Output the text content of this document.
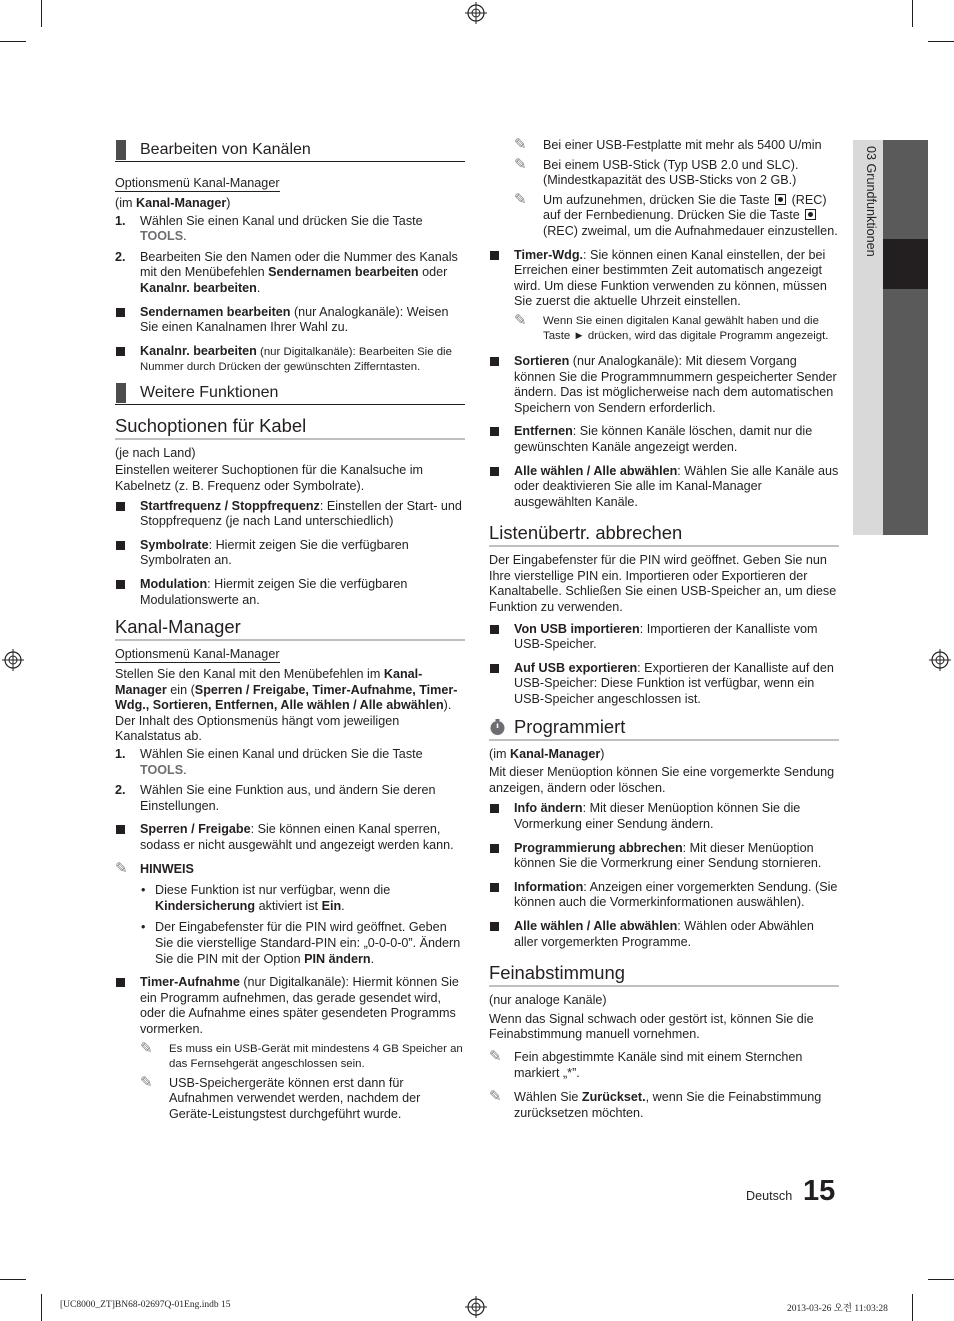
03 Grundfunktionen
Bearbeiten von Kanälen
Optionsmenü Kanal-Manager

(im Kanal-Manager)

1. Wählen Sie einen Kanal und drücken Sie die Taste TOOLS.
2. Bearbeiten Sie den Namen oder die Nummer des Kanals mit den Menübefehlen Sendernamen bearbeiten oder Kanalnr. bearbeiten.
Sendernamen bearbeiten (nur Analogkanäle): Weisen Sie einen Kanalnamen Ihrer Wahl zu.
Kanalnr. bearbeiten (nur Digitalkanäle): Bearbeiten Sie die Nummer durch Drücken der gewünschten Zifferntasten.
Weitere Funktionen
Suchoptionen für Kabel

(je nach Land)

Einstellen weiterer Suchoptionen für die Kanalsuche im Kabelnetz (z. B. Frequenz oder Symbolrate).

Startfrequenz / Stoppfrequenz: Einstellen der Start- und Stoppfrequenz (je nach Land unterschiedlich)
Symbolrate: Hiermit zeigen Sie die verfügbaren Symbolraten an.
Modulation: Hiermit zeigen Sie die verfügbaren Modulationswerte an.
Kanal-Manager
Optionsmenü Kanal-Manager

Stellen Sie den Kanal mit den Menübefehlen im Kanal-Manager ein (Sperren / Freigabe, Timer-Aufnahme, Timer-Wdg., Sortieren, Entfernen, Alle wählen / Alle abwählen). Der Inhalt des Optionsmenüs hängt vom jeweiligen Kanalstatus ab.

1. Wählen Sie einen Kanal und drücken Sie die Taste TOOLS.
2. Wählen Sie eine Funktion aus, und ändern Sie deren Einstellungen.
Sperren / Freigabe: Sie können einen Kanal sperren, sodass er nicht ausgewählt und angezeigt werden kann.
✎ HINWEIS
• Diese Funktion ist nur verfügbar, wenn die Kindersicherung aktiviert ist Ein.
• Der Eingabefenster für die PIN wird geöffnet. Geben Sie die vierstellige Standard-PIN ein: „0-0-0-0”. Ändern Sie die PIN mit der Option PIN ändern.
Timer-Aufnahme (nur Digitalkanäle): Hiermit können Sie ein Programm aufnehmen, das gerade gesendet wird, oder die Aufnahme eines später gesendeten Programms vormerken.
✎ Es muss ein USB-Gerät mit mindestens 4 GB Speicher an das Fernsehgerät angeschlossen sein.
✎ USB-Speichergeräte können erst dann für Aufnahmen verwendet werden, nachdem der Geräte-Leistungstest durchgeführt wurde.
✎ Bei einer USB-Festplatte mit mehr als 5400 U/min
✎ Bei einem USB-Stick (Typ USB 2.0 und SLC). (Mindestkapazität des USB-Sticks von 2 GB.)
✎ Um aufzunehmen, drücken Sie die Taste  (REC) auf der Fernbedienung. Drücken Sie die Taste  (REC) zweimal, um die Aufnahmedauer einzustellen.
Timer-Wdg.: Sie können einen Kanal einstellen, der bei Erreichen einer bestimmten Zeit automatisch angezeigt wird. Um diese Funktion verwenden zu können, müssen Sie zuerst die aktuelle Uhrzeit einstellen.
✎ Wenn Sie einen digitalen Kanal gewählt haben und die Taste ► drücken, wird das digitale Programm angezeigt.
Sortieren (nur Analogkanäle): Mit diesem Vorgang können Sie die Programmnummern gespeicherter Sender ändern. Das ist möglicherweise nach dem automatischen Speichern von Sendern erforderlich.
Entfernen: Sie können Kanäle löschen, damit nur die gewünschten Kanäle angezeigt werden.
Alle wählen / Alle abwählen: Wählen Sie alle Kanäle aus oder deaktivieren Sie alle im Kanal-Manager ausgewählten Kanäle.
Listenübertr. abbrechen

Der Eingabefenster für die PIN wird geöffnet. Geben Sie nun Ihre vierstellige PIN ein. Importieren oder Exportieren der Kanaltabelle. Schließen Sie einen USB-Speicher an, um diese Funktion zu verwenden.

Von USB importieren: Importieren der Kanalliste vom USB-Speicher.
Auf USB exportieren: Exportieren der Kanalliste auf den USB-Speicher: Diese Funktion ist verfügbar, wenn ein USB-Speicher angeschlossen ist.
Programmiert

(im Kanal-Manager)

Mit dieser Menüoption können Sie eine vorgemerkte Sendung anzeigen, ändern oder löschen.

Info ändern: Mit dieser Menüoption können Sie die Vormerkung einer Sendung ändern.
Programmierung abbrechen: Mit dieser Menüoption können Sie die Vormerkrung einer Sendung stornieren.
Information: Anzeigen einer vorgemerkten Sendung. (Sie können auch die Vormerkinformationen auswählen).
Alle wählen / Alle abwählen: Wählen oder Abwählen aller vorgemerkten Programme.
Feinabstimmung

(nur analoge Kanäle)

Wenn das Signal schwach oder gestört ist, können Sie die Feinabstimmung manuell vornehmen.

✎ Fein abgestimmte Kanäle sind mit einem Sternchen markiert „*”.
✎ Wählen Sie Zurückset., wenn Sie die Feinabstimmung zurücksetzen möchten.
Deutsch 15
[UC8000_ZT]BN68-02697Q-01Eng.indb 15	2013-03-26 오전 11:03:28
